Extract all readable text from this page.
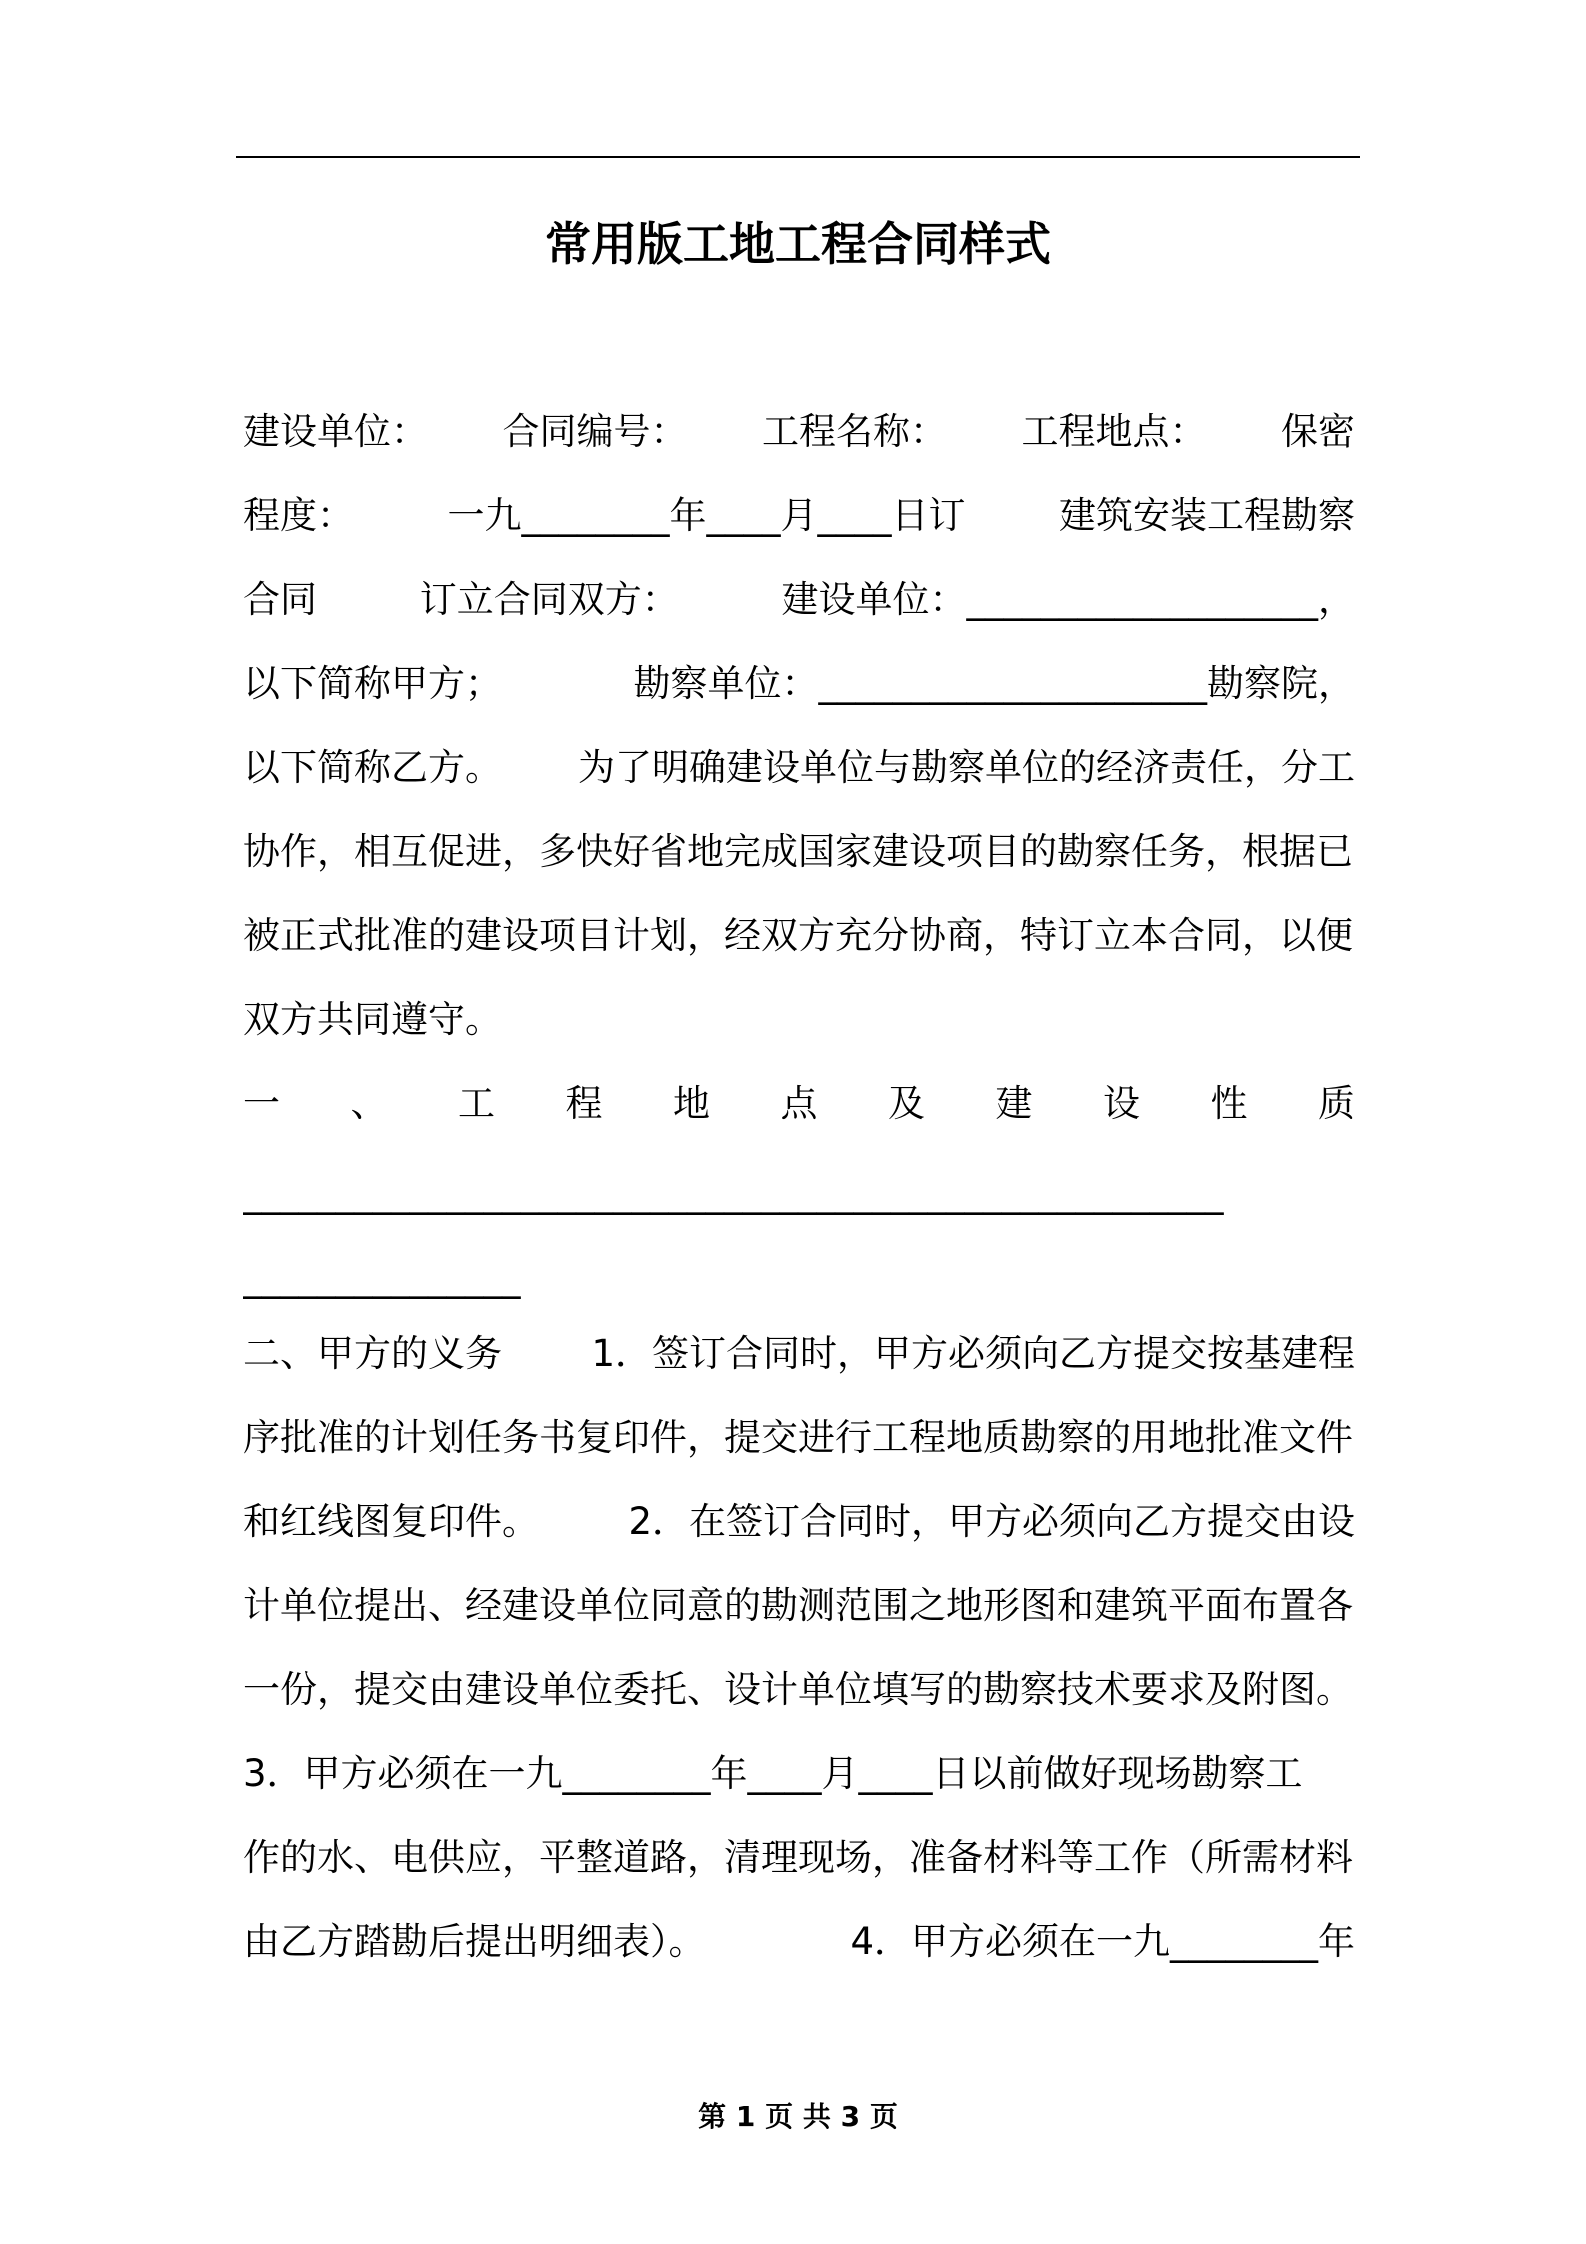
常用版工地工程合同样式
建设单位： 合同编号： 工程名称： 工程地点： 保密
程度：	一九________年____月____日订	建筑安装工程勘察
合同	订立合同双方：	建设单位：___________________，
以下简称甲方；	勘察单位：_____________________勘察院，
以下简称乙方。 为了明确建设单位与勘察单位的经济责任，分工
协作，相互促进，多快好省地完成国家建设项目的勘察任务，根据已
被正式批准的建设项目计划，经双方充分协商，特订立本合同，以便
双方共同遵守。
一 、 工 程 地 点 及 建 设 性 质
_____________________________________________________
_______________
二、甲方的义务 1．签订合同时，甲方必须向乙方提交按基建程
序批准的计划任务书复印件，提交进行工程地质勘察的用地批准文件
和红线图复印件。 2．在签订合同时，甲方必须向乙方提交由设
计单位提出、经建设单位同意的勘测范围之地形图和建筑平面布置各
一份，提交由建设单位委托、设计单位填写的勘察技术要求及附图。
3．甲方必须在一九________年____月____日以前做好现场勘察工
作的水、电供应，平整道路，清理现场，准备材料等工作（所需材料
由乙方踏勘后提出明细表）。	4．甲方必须在一九________年
第 1 页 共 3 页
